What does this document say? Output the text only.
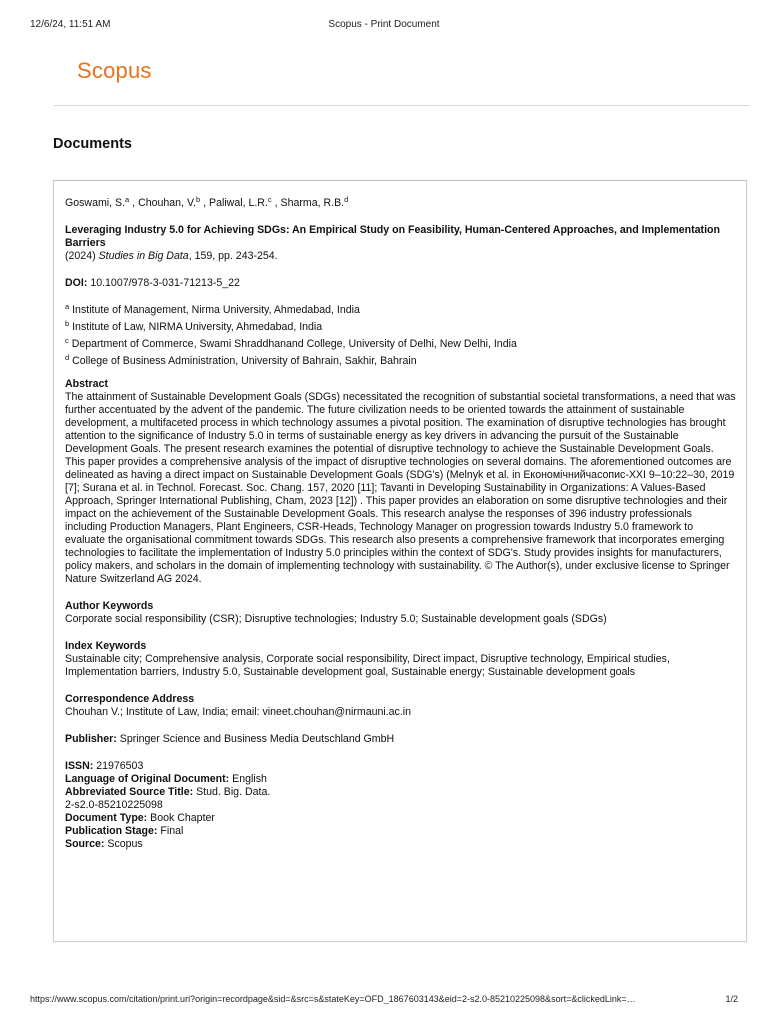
12/6/24, 11:51 AM	Scopus - Print Document
Scopus
Documents
Goswami, S.$^a$ , Chouhan, V.$^b$ , Paliwal, L.R.$^c$ , Sharma, R.B.$^d$
Leveraging Industry 5.0 for Achieving SDGs: An Empirical Study on Feasibility, Human-Centered Approaches, and Implementation Barriers
(2024) Studies in Big Data, 159, pp. 243-254.
DOI: 10.1007/978-3-031-71213-5_22
$^a$ Institute of Management, Nirma University, Ahmedabad, India
$^b$ Institute of Law, NIRMA University, Ahmedabad, India
$^c$ Department of Commerce, Swami Shraddhanand College, University of Delhi, New Delhi, India
$^d$ College of Business Administration, University of Bahrain, Sakhir, Bahrain
Abstract
The attainment of Sustainable Development Goals (SDGs) necessitated the recognition of substantial societal transformations, a need that was further accentuated by the advent of the pandemic. The future civilization needs to be oriented towards the attainment of sustainable development, a multifaceted process in which technology assumes a pivotal position. The examination of disruptive technologies has brought attention to the significance of Industry 5.0 in terms of sustainable energy as key drivers in advancing the pursuit of the Sustainable Development Goals. The present research examines the potential of disruptive technology to achieve the Sustainable Development Goals. This paper provides a comprehensive analysis of the impact of disruptive technologies on several domains. The aforementioned outcomes are delineated as having a direct impact on Sustainable Development Goals (SDG's) (Melnyk et al. in Економічнийчасопис-XXI 9–10:22–30, 2019 [7]; Surana et al. in Technol. Forecast. Soc. Chang. 157, 2020 [11]; Tavanti in Developing Sustainability in Organizations: A Values-Based Approach, Springer International Publishing, Cham, 2023 [12]) . This paper provides an elaboration on some disruptive technologies and their impact on the achievement of the Sustainable Development Goals. This research analyse the responses of 396 industry professionals including Production Managers, Plant Engineers, CSR-Heads, Technology Manager on progression towards Industry 5.0 framework to evaluate the organisational commitment towards SDGs. This research also presents a comprehensive framework that incorporates emerging technologies to facilitate the implementation of Industry 5.0 principles within the context of SDG's. Study provides insights for manufacturers, policy makers, and scholars in the domain of implementing technology with sustainability. © The Author(s), under exclusive license to Springer Nature Switzerland AG 2024.
Author Keywords
Corporate social responsibility (CSR); Disruptive technologies; Industry 5.0; Sustainable development goals (SDGs)
Index Keywords
Sustainable city; Comprehensive analysis, Corporate social responsibility, Direct impact, Disruptive technology, Empirical studies, Implementation barriers, Industry 5.0, Sustainable development goal, Sustainable energy; Sustainable development goals
Correspondence Address
Chouhan V.; Institute of Law, India; email: vineet.chouhan@nirmauni.ac.in
Publisher: Springer Science and Business Media Deutschland GmbH
ISSN: 21976503
Language of Original Document: English
Abbreviated Source Title: Stud. Big. Data.
2-s2.0-85210225098
Document Type: Book Chapter
Publication Stage: Final
Source: Scopus
https://www.scopus.com/citation/print.uri?origin=recordpage&sid=&src=s&stateKey=OFD_1867603143&eid=2-s2.0-85210225098&sort=&clickedLink=…	1/2
